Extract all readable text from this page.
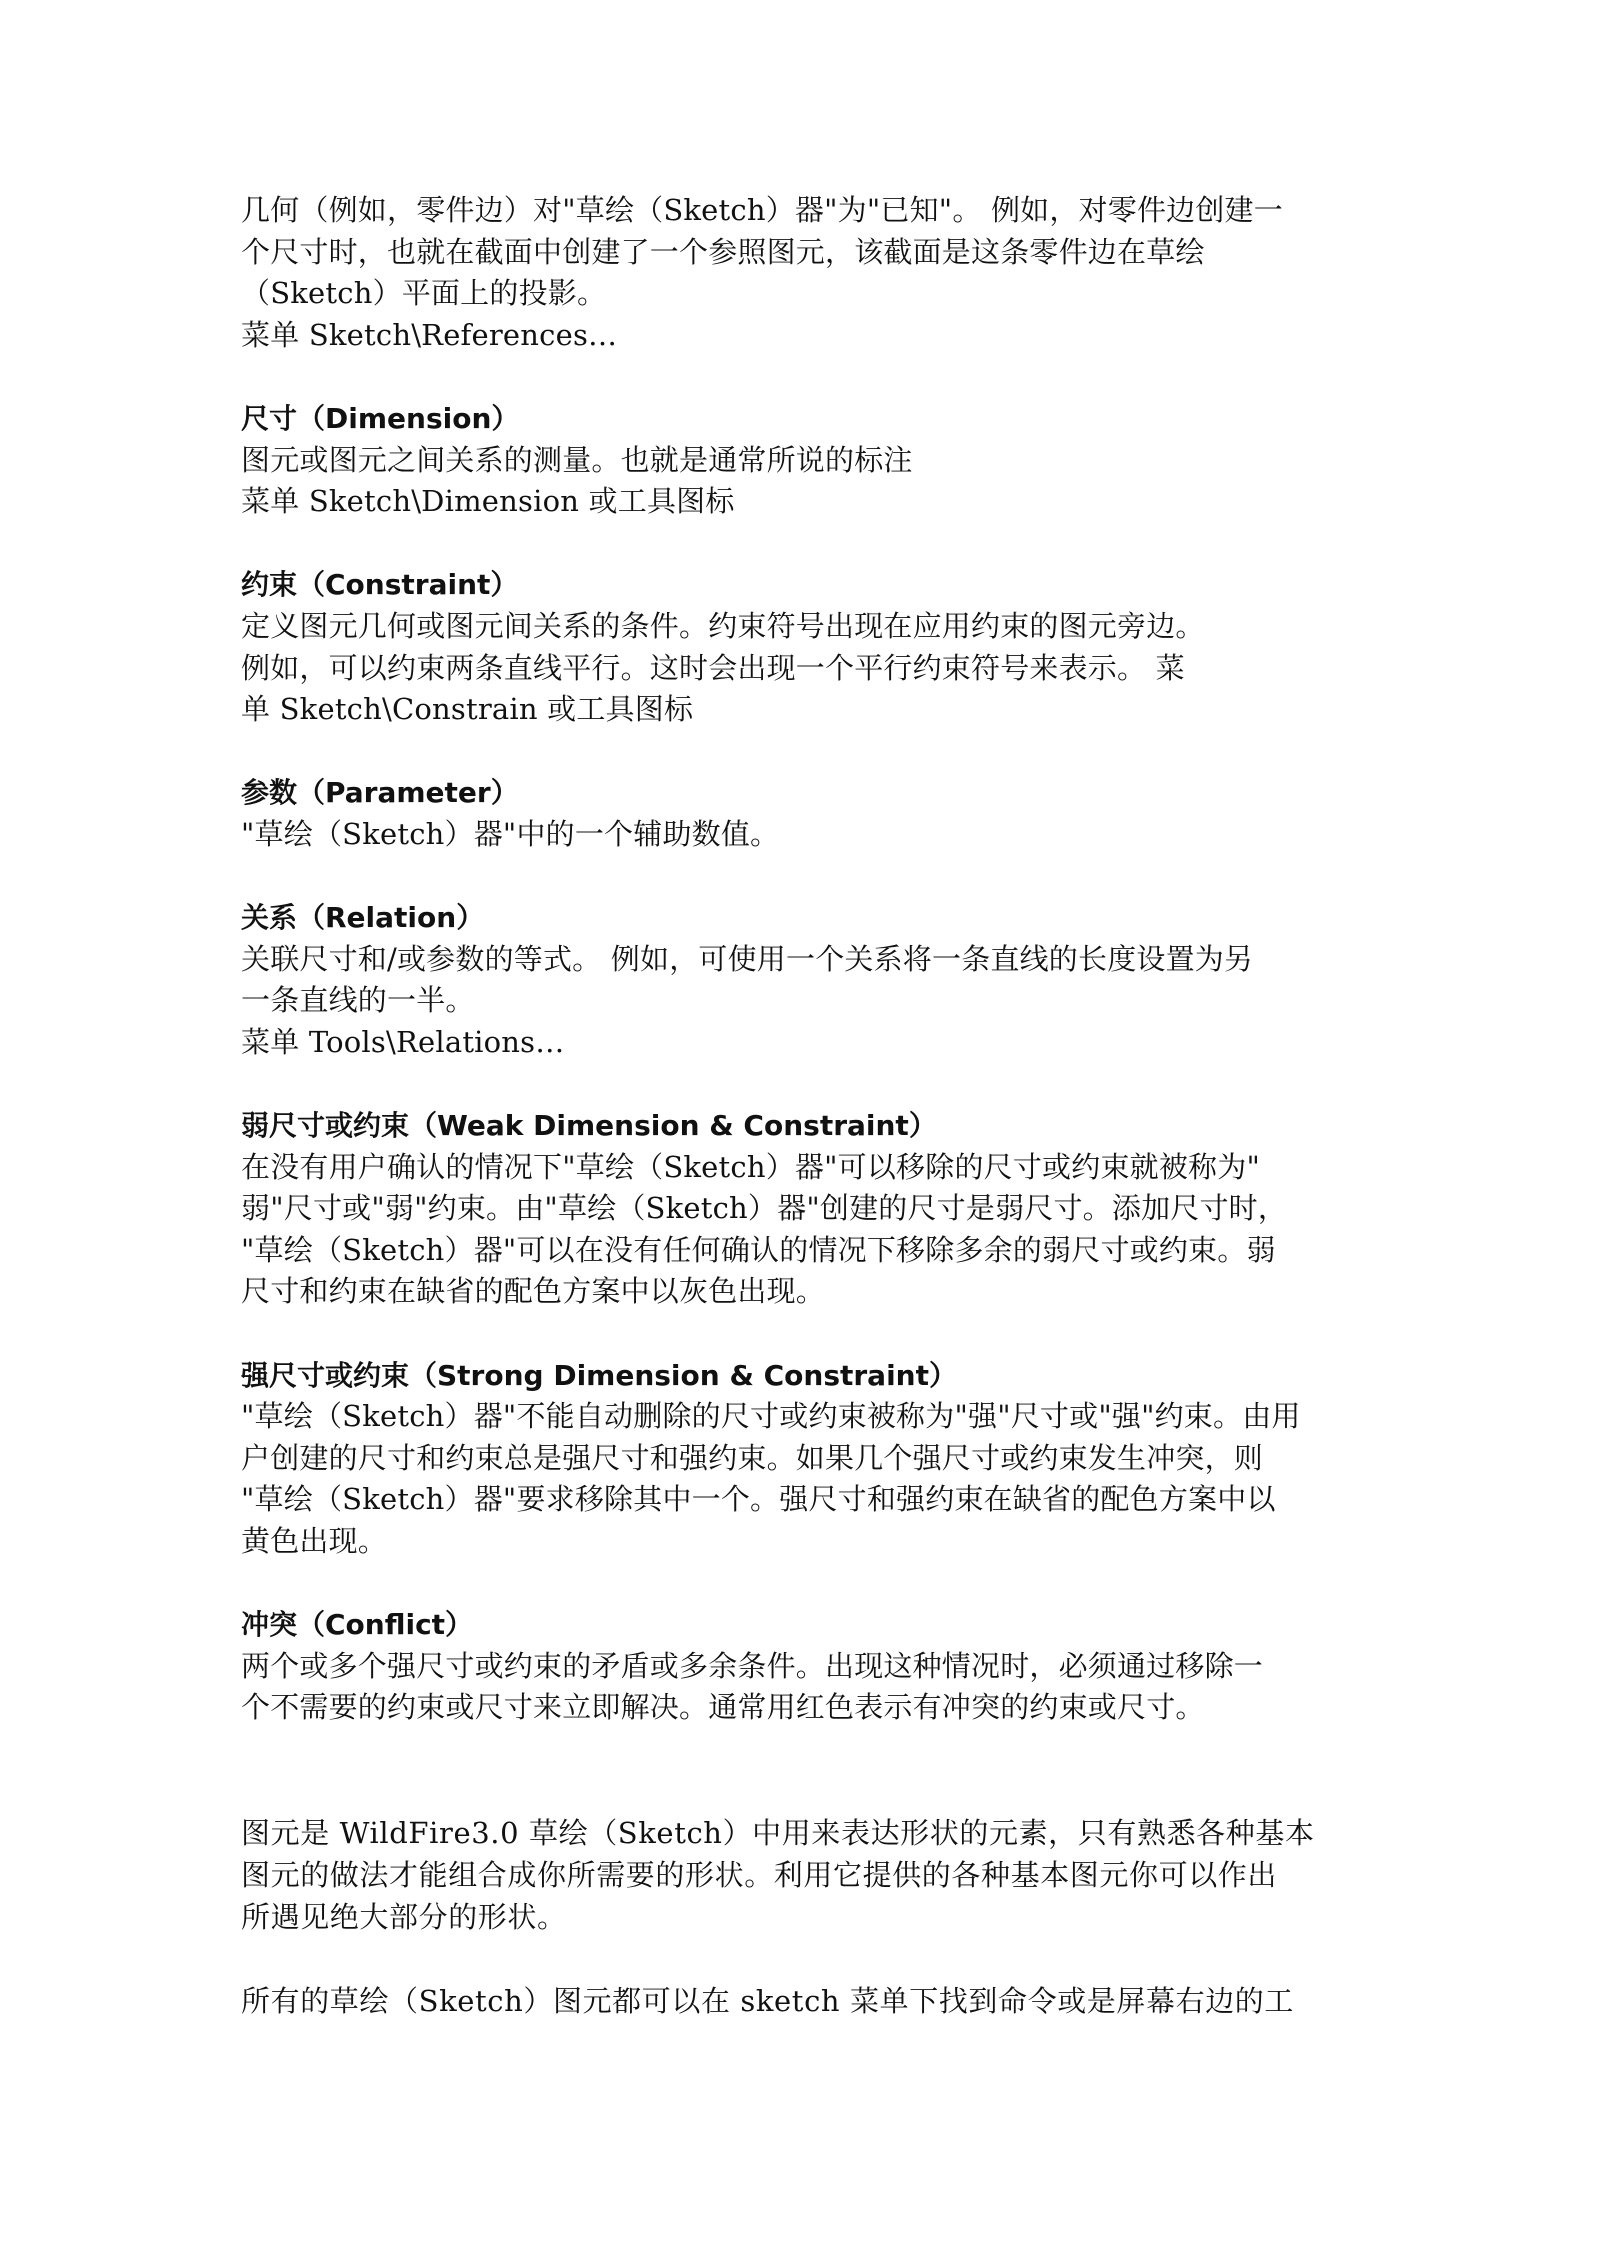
几何（例如，零件边）对"草绘（Sketch）器"为"已知"。 例如，对零件边创建一
个尺寸时，也就在截面中创建了一个参照图元，该截面是这条零件边在草绘
（Sketch）平面上的投影。
菜单 Sketch\References…
尺寸（Dimension）
图元或图元之间关系的测量。也就是通常所说的标注
菜单 Sketch\Dimension 或工具图标
约束（Constraint）
定义图元几何或图元间关系的条件。约束符号出现在应用约束的图元旁边。
例如，可以约束两条直线平行。这时会出现一个平行约束符号来表示。 菜
单 Sketch\Constrain 或工具图标
参数（Parameter）
"草绘（Sketch）器"中的一个辅助数值。
关系（Relation）
关联尺寸和/或参数的等式。 例如，可使用一个关系将一条直线的长度设置为另
一条直线的一半。
菜单 Tools\Relations…
弱尺寸或约束（Weak Dimension & Constraint）
在没有用户确认的情况下"草绘（Sketch）器"可以移除的尺寸或约束就被称为"
弱"尺寸或"弱"约束。由"草绘（Sketch）器"创建的尺寸是弱尺寸。添加尺寸时，
"草绘（Sketch）器"可以在没有任何确认的情况下移除多余的弱尺寸或约束。弱
尺寸和约束在缺省的配色方案中以灰色出现。
强尺寸或约束（Strong Dimension & Constraint）
"草绘（Sketch）器"不能自动删除的尺寸或约束被称为"强"尺寸或"强"约束。由用
户创建的尺寸和约束总是强尺寸和强约束。如果几个强尺寸或约束发生冲突，则
"草绘（Sketch）器"要求移除其中一个。强尺寸和强约束在缺省的配色方案中以
黄色出现。
冲突（Conflict）
两个或多个强尺寸或约束的矛盾或多余条件。出现这种情况时，必须通过移除一
个不需要的约束或尺寸来立即解决。通常用红色表示有冲突的约束或尺寸。
图元是 WildFire3.0 草绘（Sketch）中用来表达形状的元素，只有熟悉各种基本
图元的做法才能组合成你所需要的形状。利用它提供的各种基本图元你可以作出
所遇见绝大部分的形状。
所有的草绘（Sketch）图元都可以在 sketch 菜单下找到命令或是屏幕右边的工
